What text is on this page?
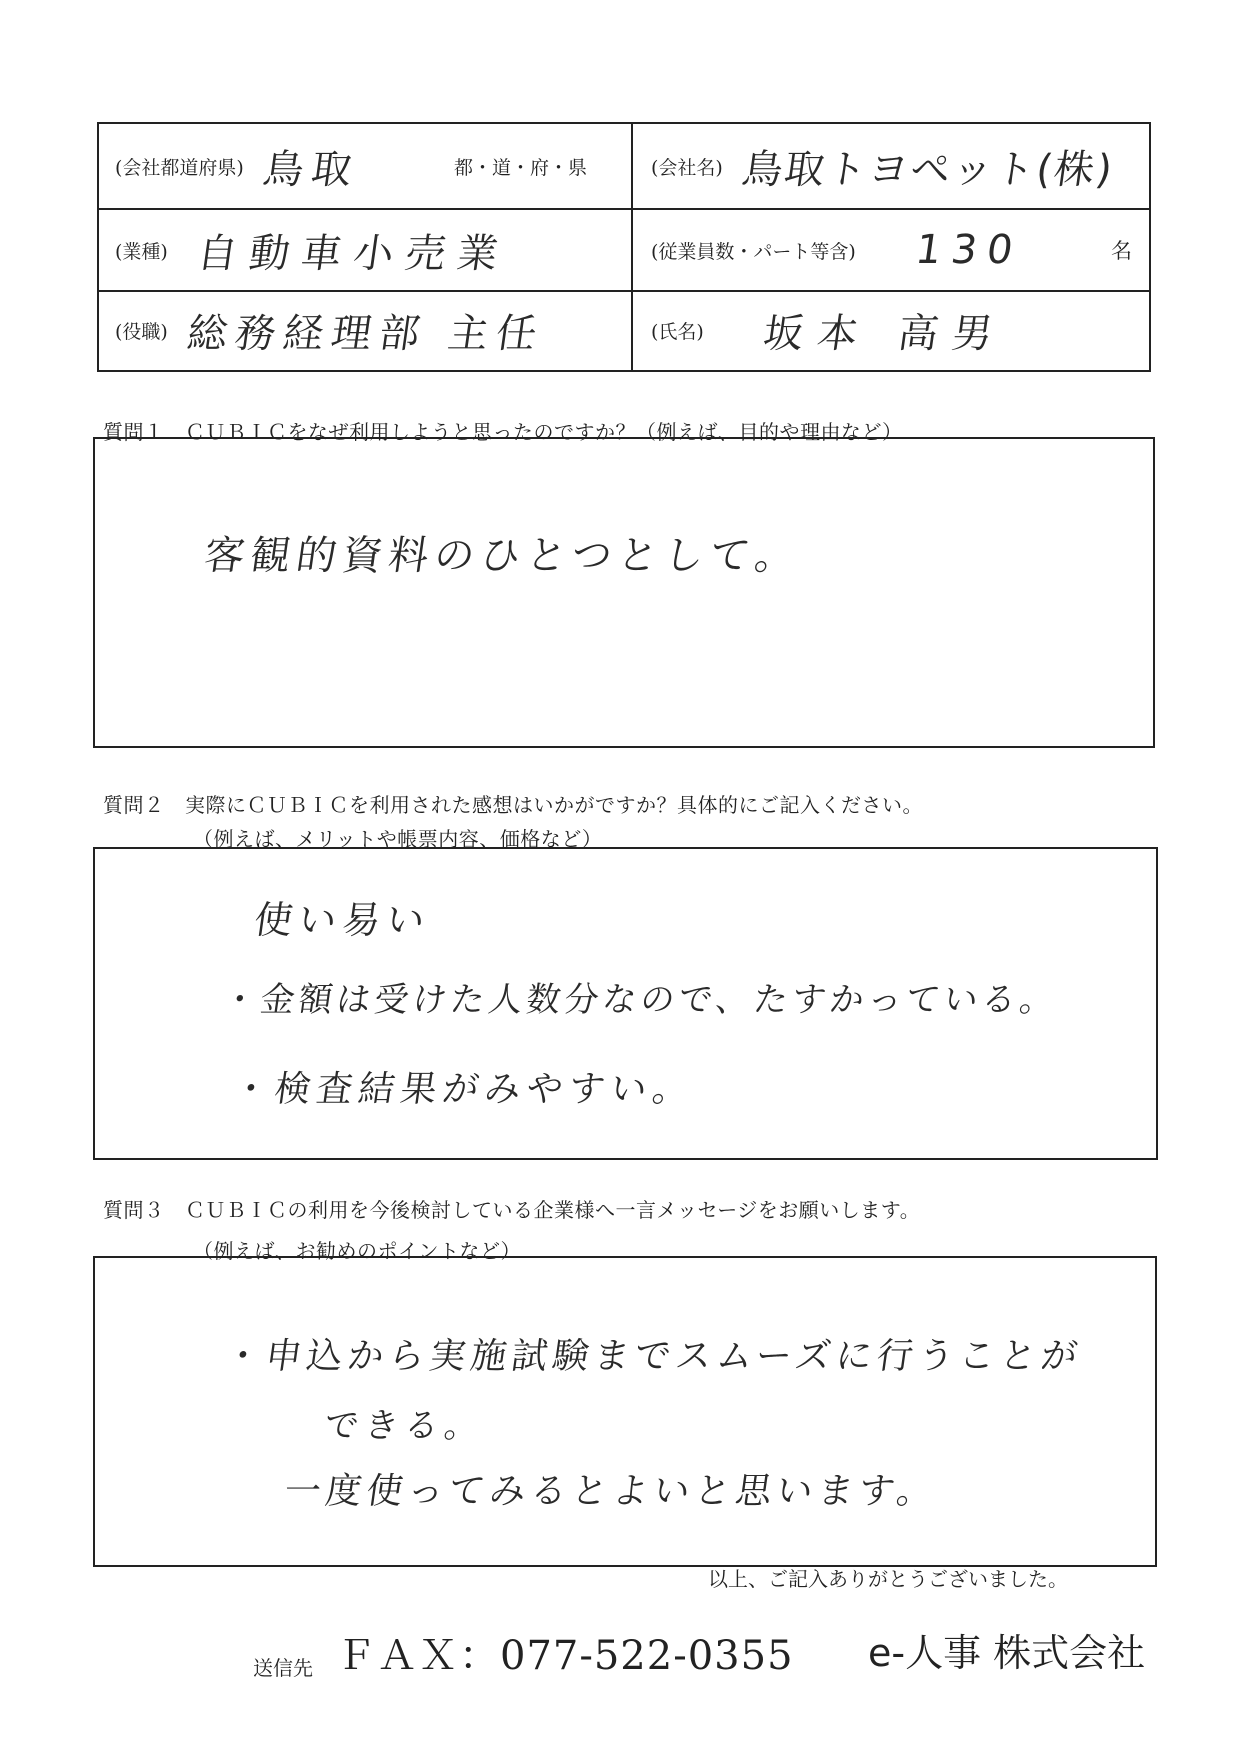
(会社都道府県) 鳥取	都・道・府・県	(会社名) 鳥取トヨペット(株)
(業種) 自動車小売業	(従業員数・パート等含) 130	名
(役職) 総務経理部 主任	(氏名) 坂本 高男
質問１　ＣＵＢＩＣをなぜ利用しようと思ったのですか？（例えば、目的や理由など）
客観的資料のひとつとして。
質問２　実際にＣＵＢＩＣを利用された感想はいかがですか？具体的にご記入ください。
（例えば、メリットや帳票内容、価格など）
使い易い
・金額は受けた人数分なので、たすかっている。
・検査結果がみやすい。
質問３　ＣＵＢＩＣの利用を今後検討している企業様へ一言メッセージをお願いします。
（例えば、お勧めのポイントなど）
・申込から実施試験までスムーズに行うことが
できる。
一度使ってみるとよいと思います。
以上、ご記入ありがとうございました。
送信先 ＦＡＸ：077-522-0355 e-人事 株式会社
